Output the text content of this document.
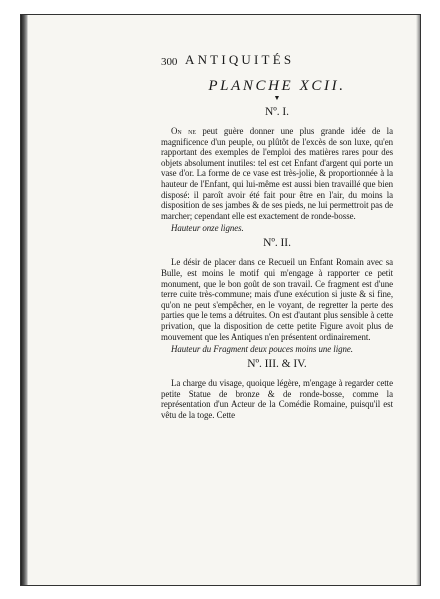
300 ANTIQUITÉS
PLANCHE XCII.
▼
Nº. I.

On ne peut guère donner une plus grande idée de la magnificence d'un peuple, ou plûtôt de l'excès de son luxe, qu'en rapportant des exemples de l'emploi des matières rares pour des objets absolument inutiles: tel est cet Enfant d'argent qui porte un vase d'or. La forme de ce vase est très-jolie, & proportionnée à la hauteur de l'Enfant, qui lui-même est aussi bien travaillé que bien disposé: il paroît avoir été fait pour être en l'air, du moins la disposition de ses jambes & de ses pieds, ne lui permettroit pas de marcher; cependant elle est exactement de ronde-bosse.

Hauteur onze lignes.
Nº. II.

Le désir de placer dans ce Recueil un Enfant Romain avec sa Bulle, est moins le motif qui m'engage à rapporter ce petit monument, que le bon goût de son travail. Ce fragment est d'une terre cuite très-commune; mais d'une exécution si juste & si fine, qu'on ne peut s'empêcher, en le voyant, de regretter la perte des parties que le tems a détruites. On est d'autant plus sensible à cette privation, que la disposition de cette petite Figure avoit plus de mouvement que les Antiques n'en présentent ordinairement.

Hauteur du Fragment deux pouces moins une ligne.
Nº. III. & IV.

La charge du visage, quoique légère, m'engage à regarder cette petite Statue de bronze & de ronde-bosse, comme la représentation d'un Acteur de la Comédie Romaine, puisqu'il est vêtu de la toge. Cette
